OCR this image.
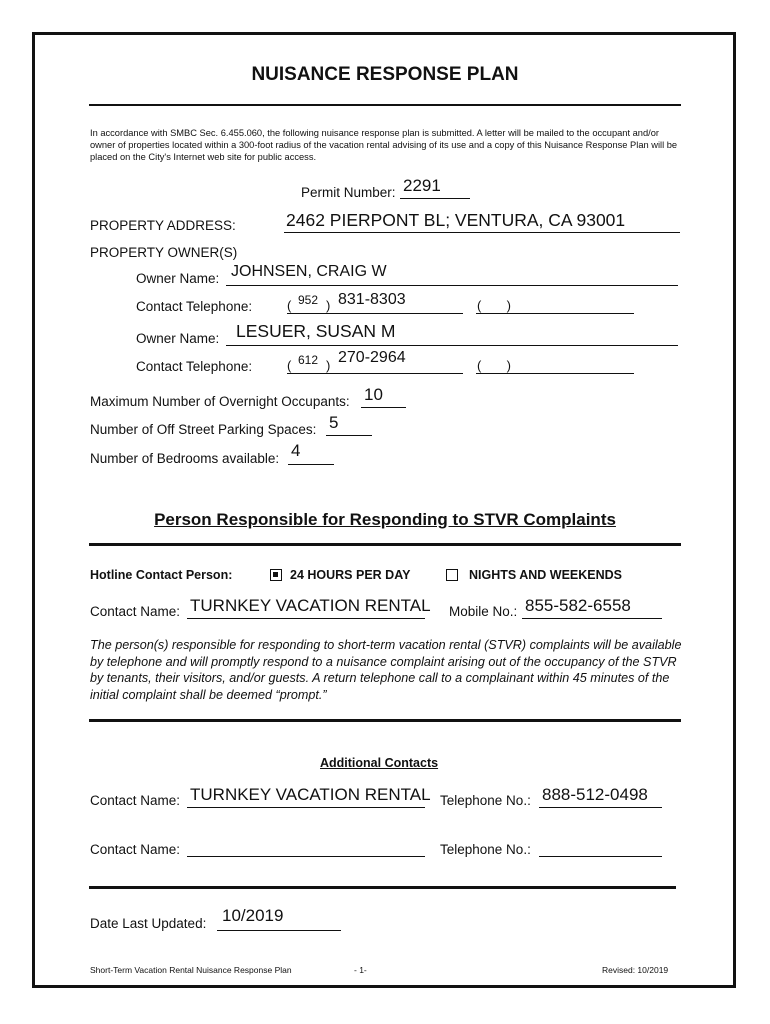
NUISANCE RESPONSE PLAN
In accordance with SMBC Sec. 6.455.060, the following nuisance response plan is submitted. A letter will be mailed to the occupant and/or owner of properties located within a 300-foot radius of the vacation rental advising of its use and a copy of this Nuisance Response Plan will be placed on the City's Internet web site for public access.
Permit Number: 2291
PROPERTY ADDRESS:	2462 PIERPONT BL; VENTURA, CA 93001
PROPERTY OWNER(S)
Owner Name: JOHNSEN, CRAIG W
Contact Telephone:	( 952 ) 831-8303	(       )
Owner Name: LESUER, SUSAN M
Contact Telephone:	( 612 ) 270-2964	(       )
Maximum Number of Overnight Occupants: 10
Number of Off Street Parking Spaces: 5
Number of Bedrooms available: 4
Person Responsible for Responding to STVR Complaints
Hotline Contact Person:	24 HOURS PER DAY	NIGHTS AND WEEKENDS
Contact Name: TURNKEY VACATION RENTAL Mobile No.: 855-582-6558
The person(s) responsible for responding to short-term vacation rental (STVR) complaints will be available by telephone and will promptly respond to a nuisance complaint arising out of the occupancy of the STVR by tenants, their visitors, and/or guests. A return telephone call to a complainant within 45 minutes of the initial complaint shall be deemed “prompt.”
Additional Contacts
Contact Name: TURNKEY VACATION RENTAL Telephone No.: 888-512-0498
Contact Name:	Telephone No.:
Date Last Updated: 10/2019
Short-Term Vacation Rental Nuisance Response Plan	- 1-	Revised: 10/2019
